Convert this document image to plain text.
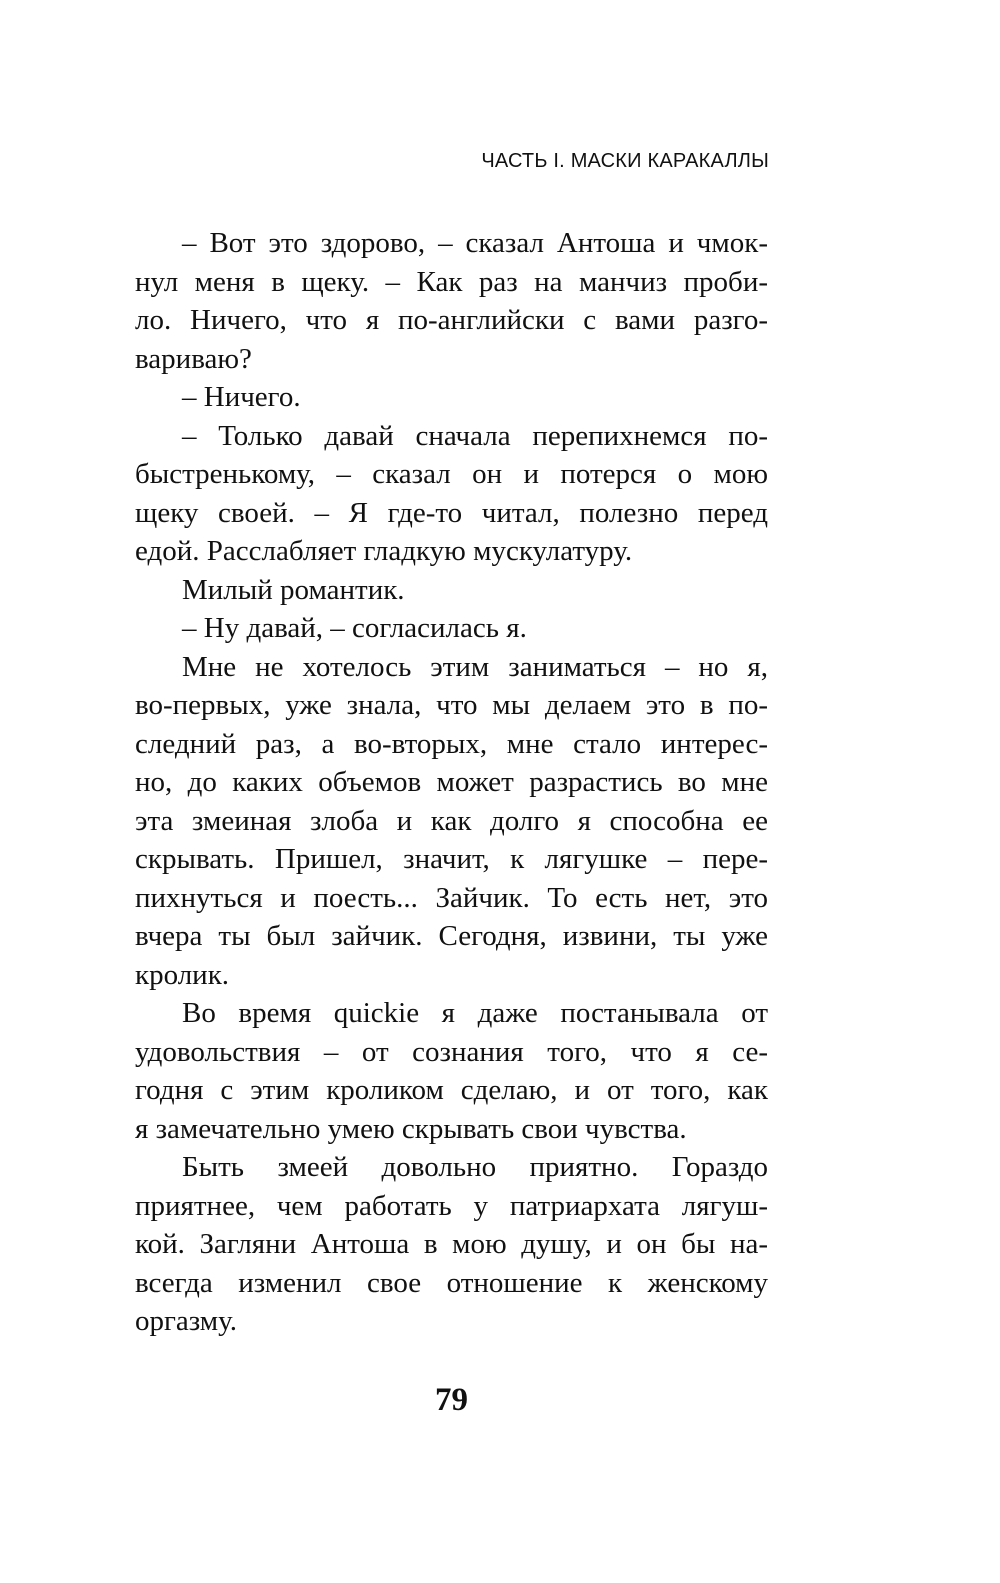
ЧАСТЬ I. МАСКИ КАРАКАЛЛЫ
– Вот это здорово, – сказал Антоша и чмок-
нул меня в щеку. – Как раз на манчиз проби-
ло. Ничего, что я по-английски с вами разго-
вариваю?
– Ничего.
– Только давай сначала перепихнемся по-
быстренькому, – сказал он и потерся о мою
щеку своей. – Я где-то читал, полезно перед
едой. Расслабляет гладкую мускулатуру.
Милый романтик.
– Ну давай, – согласилась я.
Мне не хотелось этим заниматься – но я,
во-первых, уже знала, что мы делаем это в по-
следний раз, а во-вторых, мне стало интерес-
но, до каких объемов может разрастись во мне
эта змеиная злоба и как долго я способна ее
скрывать. Пришел, значит, к лягушке – пере-
пихнуться и поесть... Зайчик. То есть нет, это
вчера ты был зайчик. Сегодня, извини, ты уже
кролик.
Во время quickie я даже постанывала от
удовольствия – от сознания того, что я се-
годня с этим кроликом сделаю, и от того, как
я замечательно умею скрывать свои чувства.
Быть змеей довольно приятно. Гораздо
приятнее, чем работать у патриархата лягуш-
кой. Загляни Антоша в мою душу, и он бы на-
всегда изменил свое отношение к женскому
оргазму.
79
